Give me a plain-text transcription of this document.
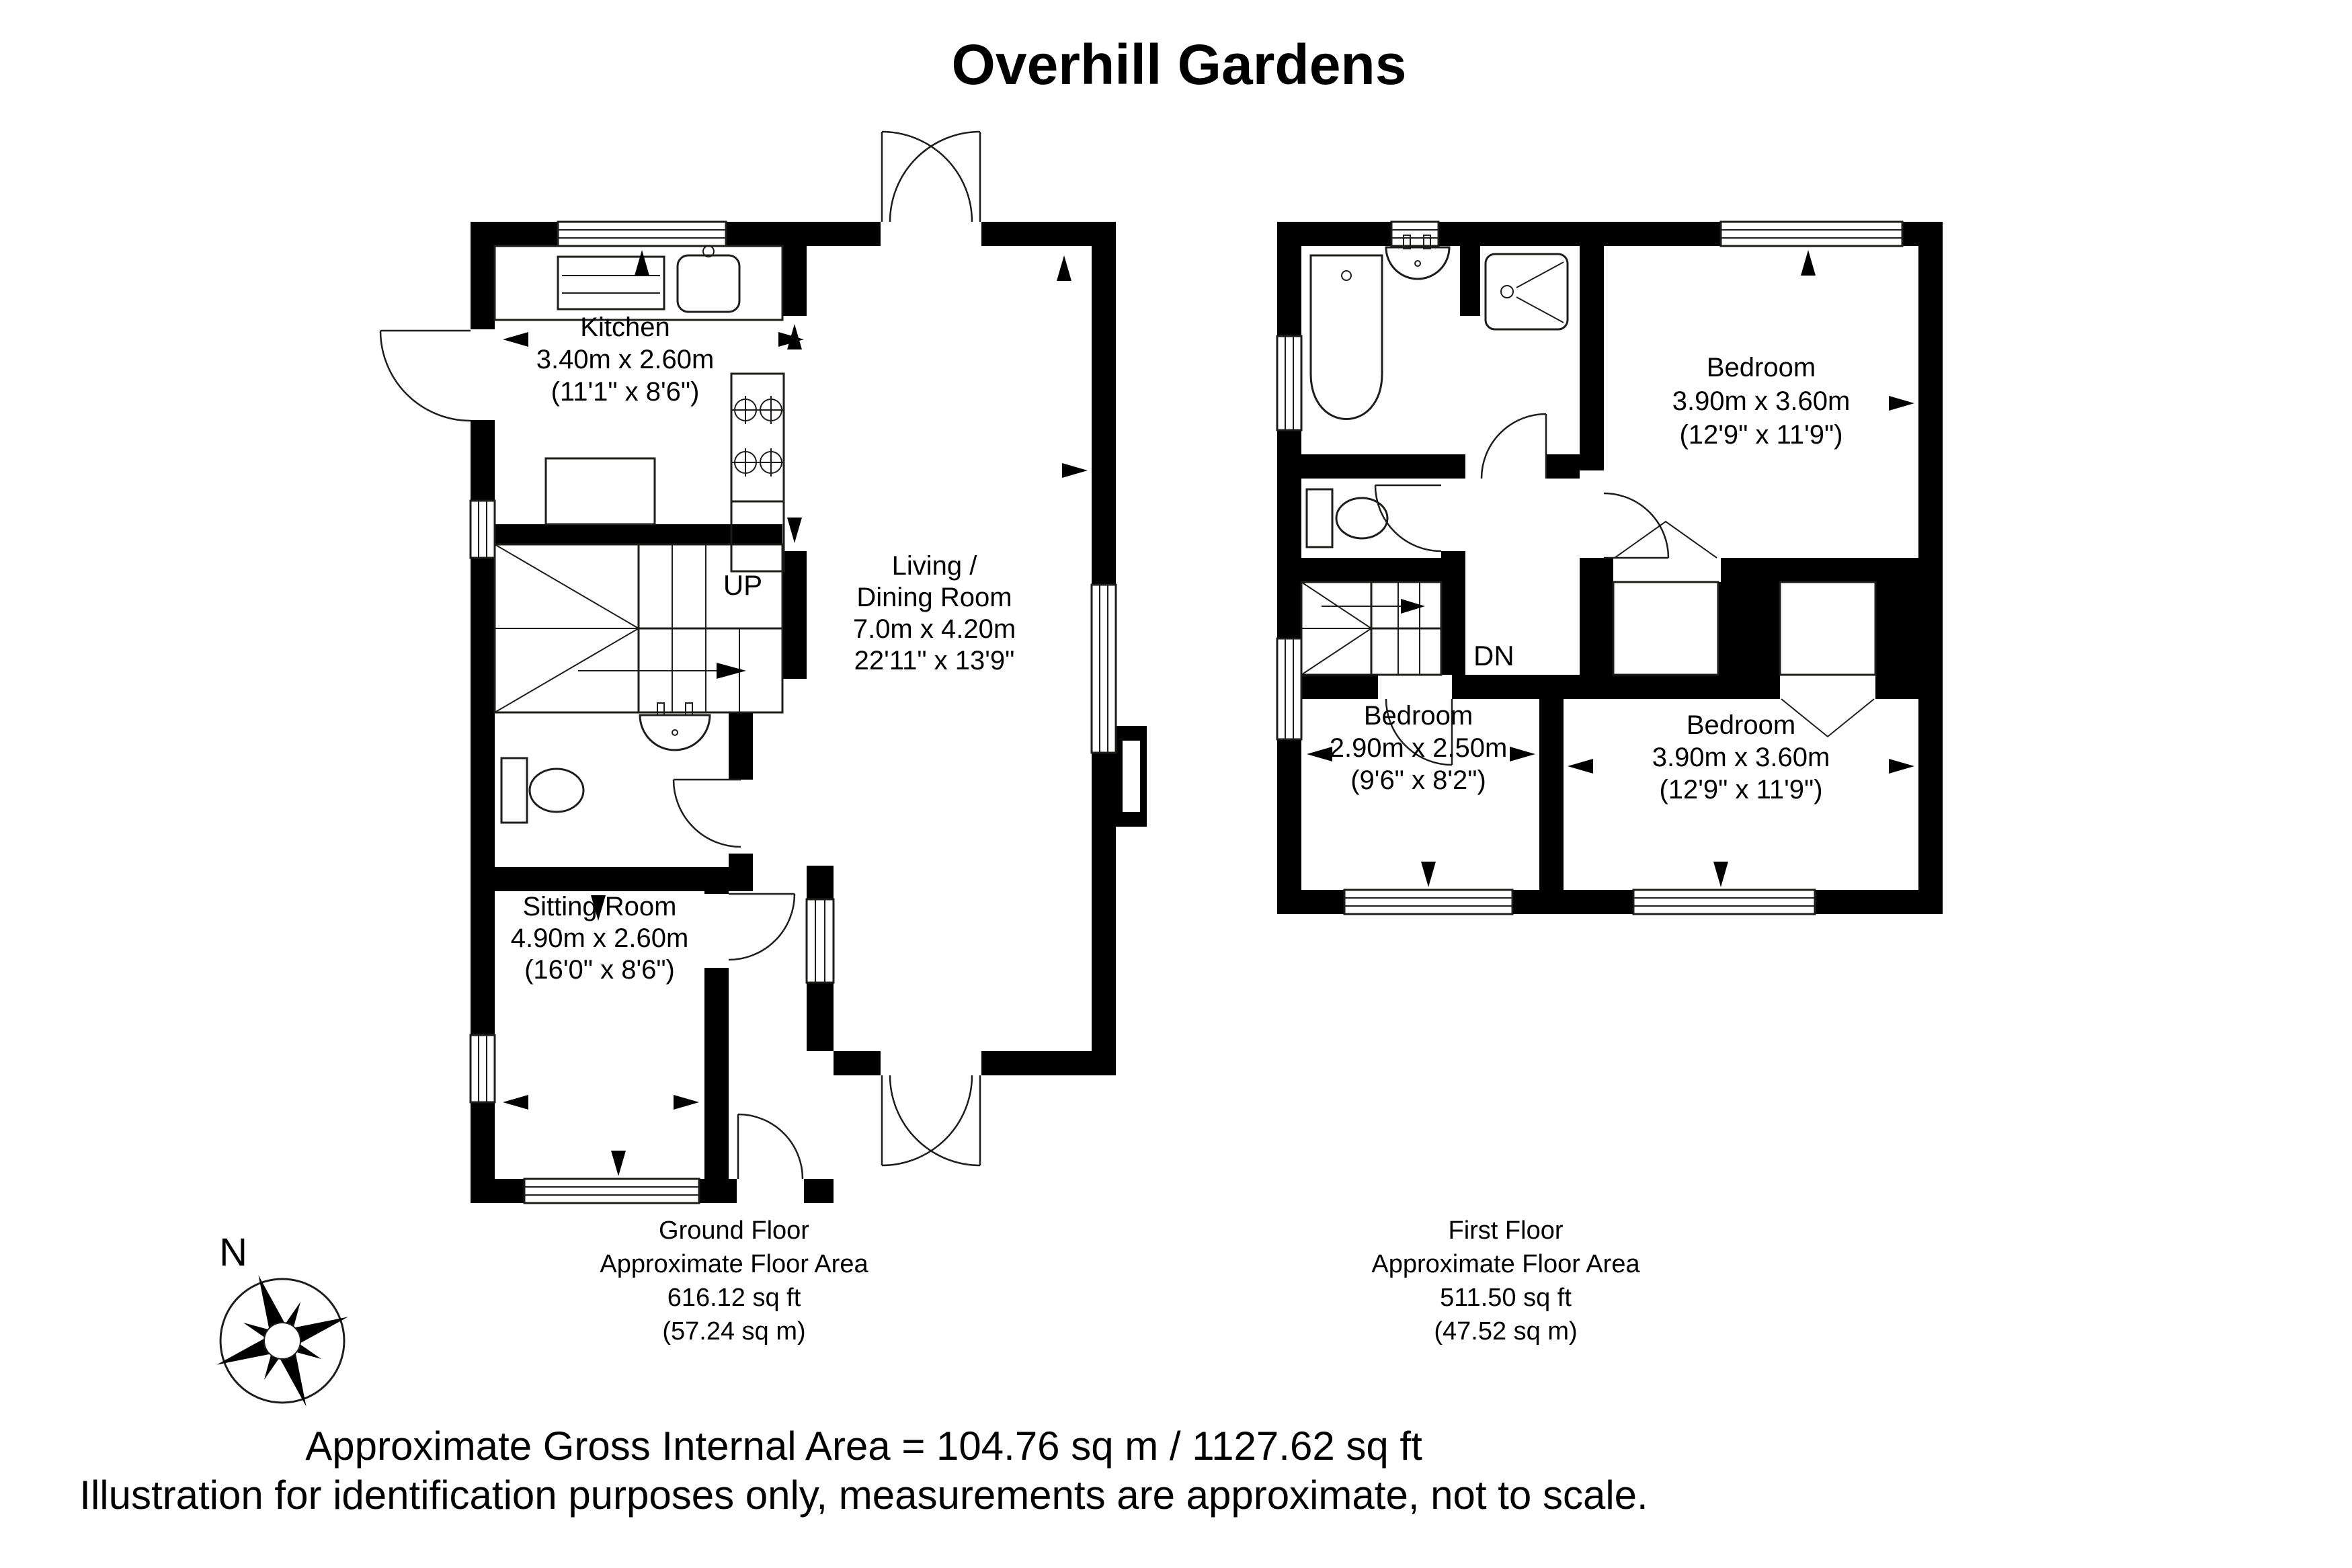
Overhill Gardens
UP
Kitchen
3.40m x 2.60m
(11'1" x 8'6")
Living /
Dining Room
7.0m x 4.20m
22'11" x 13'9"
Sitting Room
4.90m x 2.60m
(16'0" x 8'6")
DN
Bedroom
3.90m x 3.60m
(12'9" x 11'9")
Bedroom
2.90m x 2.50m
(9'6" x 8'2")
Bedroom
3.90m x 3.60m
(12'9" x 11'9")
Ground Floor
Approximate Floor Area
616.12 sq ft
(57.24 sq m)
First Floor
Approximate Floor Area
511.50 sq ft
(47.52 sq m)
N
Approximate Gross Internal Area = 104.76 sq m / 1127.62 sq ft
Illustration for identification purposes only, measurements are approximate, not to scale.
